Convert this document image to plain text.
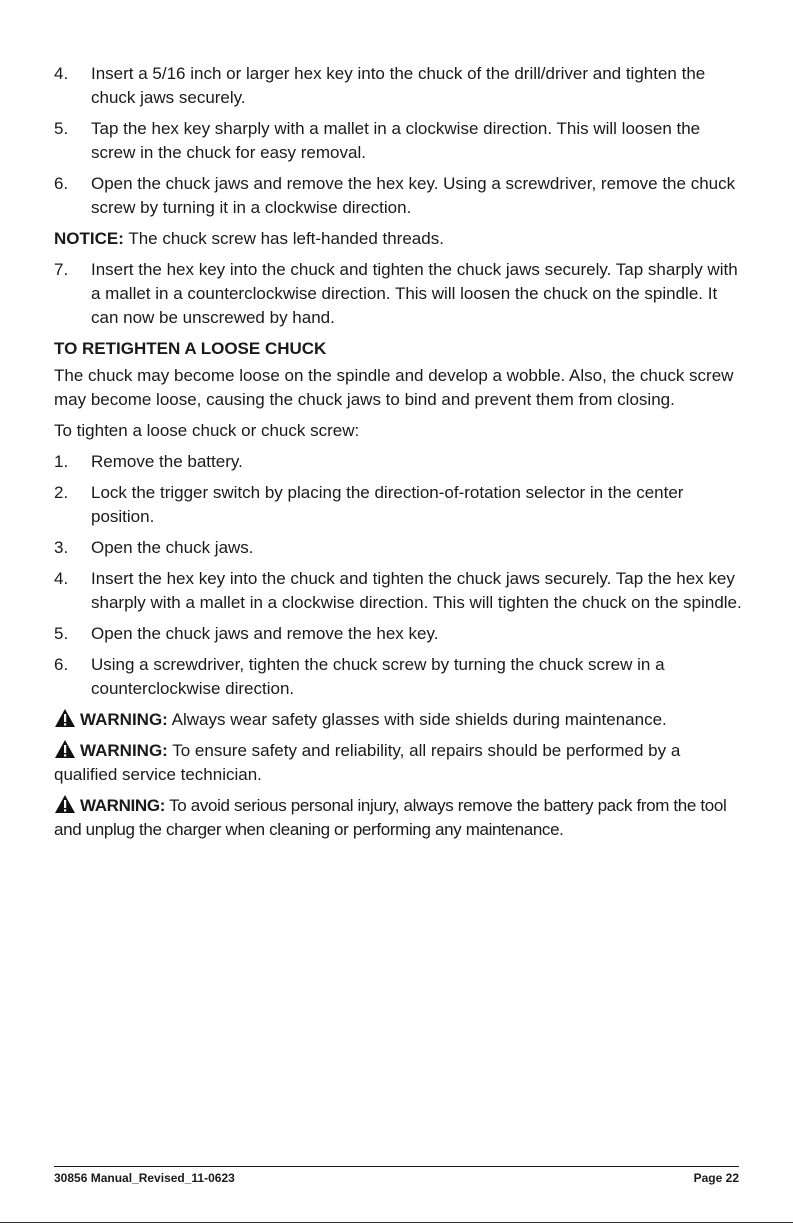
4. Insert a 5/16 inch or larger hex key into the chuck of the drill/driver and tighten the chuck jaws securely.
5. Tap the hex key sharply with a mallet in a clockwise direction. This will loosen the screw in the chuck for easy removal.
6. Open the chuck jaws and remove the hex key. Using a screwdriver, remove the chuck screw by turning it in a clockwise direction.
NOTICE: The chuck screw has left-handed threads.
7. Insert the hex key into the chuck and tighten the chuck jaws securely. Tap sharply with a mallet in a counterclockwise direction. This will loosen the chuck on the spindle. It can now be unscrewed by hand.
TO RETIGHTEN A LOOSE CHUCK
The chuck may become loose on the spindle and develop a wobble. Also, the chuck screw may become loose, causing the chuck jaws to bind and prevent them from closing.
To tighten a loose chuck or chuck screw:
1. Remove the battery.
2. Lock the trigger switch by placing the direction-of-rotation selector in the center position.
3. Open the chuck jaws.
4. Insert the hex key into the chuck and tighten the chuck jaws securely. Tap the hex key sharply with a mallet in a clockwise direction. This will tighten the chuck on the spindle.
5. Open the chuck jaws and remove the hex key.
6. Using a screwdriver, tighten the chuck screw by turning the chuck screw in a counterclockwise direction.
WARNING: Always wear safety glasses with side shields during maintenance.
WARNING: To ensure safety and reliability, all repairs should be performed by a qualified service technician.
WARNING: To avoid serious personal injury, always remove the battery pack from the tool and unplug the charger when cleaning or performing any maintenance.
30856 Manual_Revised_11-0623	Page 22
